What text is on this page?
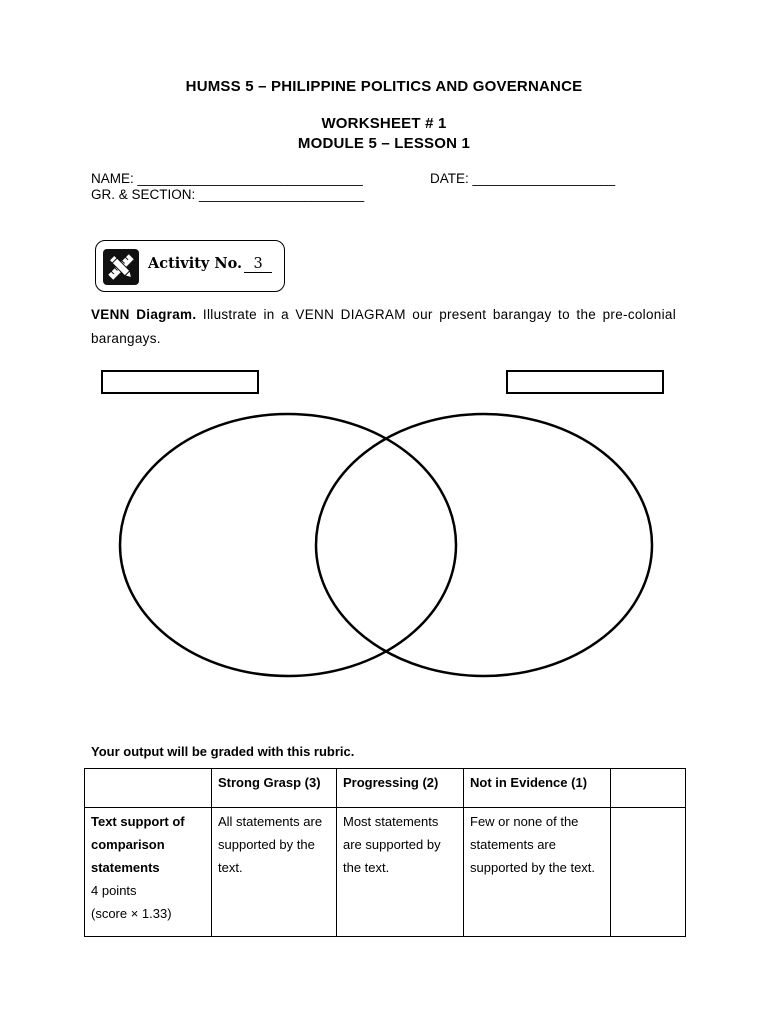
HUMSS 5 – PHILIPPINE POLITICS AND GOVERNANCE
WORKSHEET # 1
MODULE 5 – LESSON 1
NAME: ______________________________	DATE: ___________________
GR. & SECTION: ______________________
Activity No. 3
VENN Diagram. Illustrate in a VENN DIAGRAM our present barangay to the pre-colonial barangays.
Your output will be graded with this rubric.
	Strong Grasp (3)	Progressing (2)	Not in Evidence (1)	

Text support of comparison statements
4 points
(score × 1.33)	All statements are supported by the text.	Most statements are supported by the text.	Few or none of the statements are supported by the text.	
